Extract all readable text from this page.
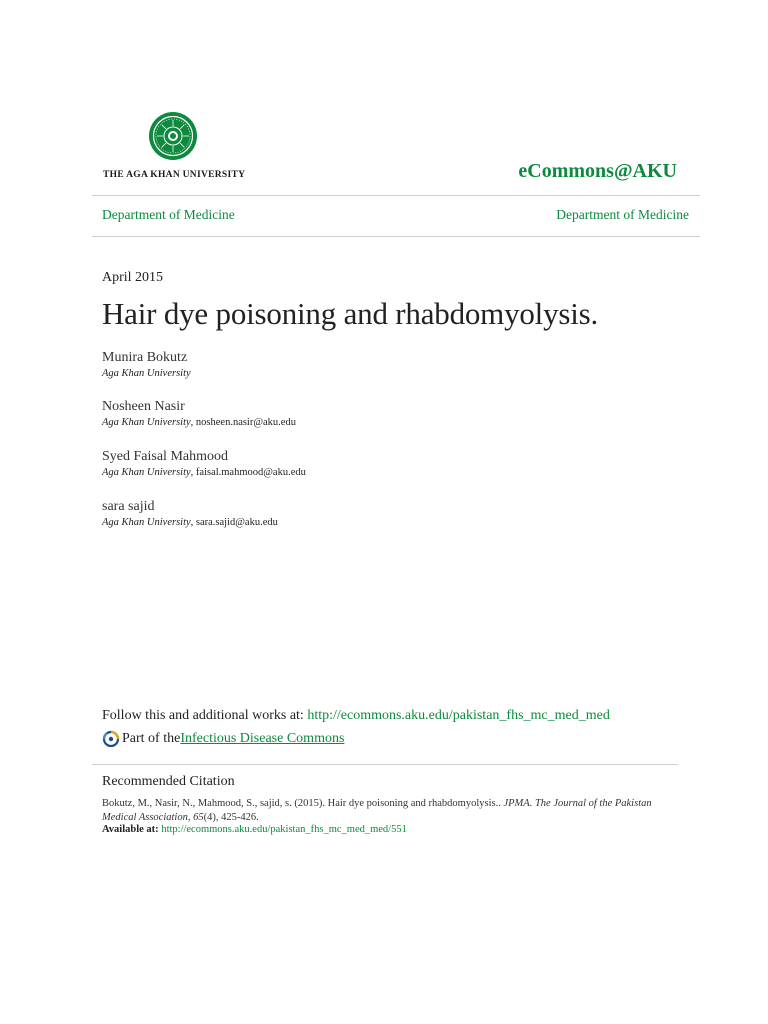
THE AGA KHAN UNIVERSITY	eCommons@AKU
Department of Medicine	Department of Medicine
April 2015
Hair dye poisoning and rhabdomyolysis.
Munira Bokutz
Aga Khan University
Nosheen Nasir
Aga Khan University, nosheen.nasir@aku.edu
Syed Faisal Mahmood
Aga Khan University, faisal.mahmood@aku.edu
sara sajid
Aga Khan University, sara.sajid@aku.edu
Follow this and additional works at: http://ecommons.aku.edu/pakistan_fhs_mc_med_med
Part of the Infectious Disease Commons
Recommended Citation
Bokutz, M., Nasir, N., Mahmood, S., sajid, s. (2015). Hair dye poisoning and rhabdomyolysis.. JPMA. The Journal of the Pakistan Medical Association, 65(4), 425-426.
Available at: http://ecommons.aku.edu/pakistan_fhs_mc_med_med/551
